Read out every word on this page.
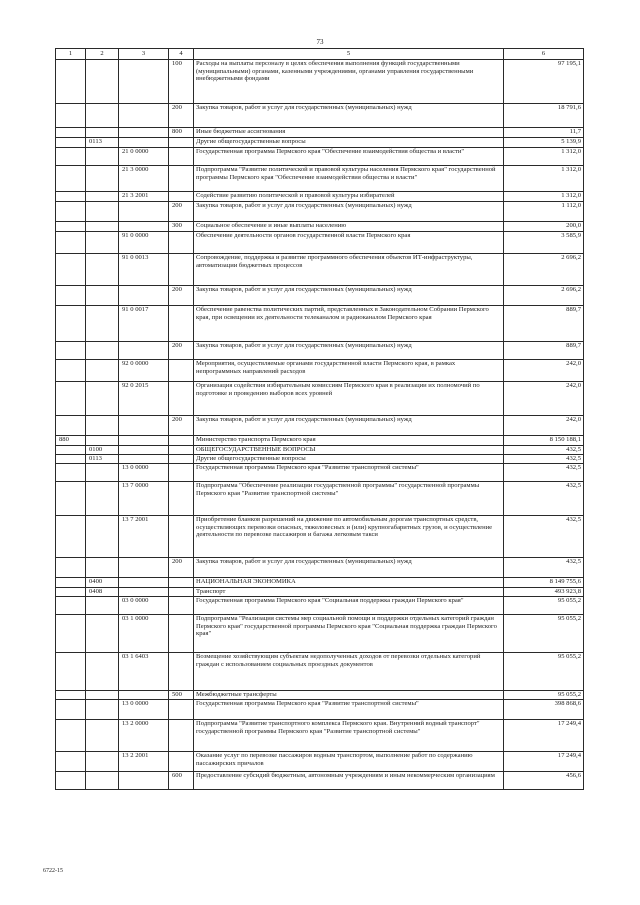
73
1	2	3	4	5	6
			100	Расходы на выплаты персоналу в целях обеспечения выполнения функций государственными (муниципальными) органами, казенными учреждениями, органами управления государственными внебюджетными фондами	97 195,1
			200	Закупка товаров, работ и услуг для государственных (муниципальных) нужд	18 791,6
			800	Иные бюджетные ассигнования	11,7
	0113			Другие общегосударственные вопросы	5 139,9
		21 0 0000		Государственная программа Пермского края "Обеспечение взаимодействия общества и власти"	1 312,0
		21 3 0000		Подпрограмма "Развитие политической и правовой культуры населения Пермского края" государственной программы Пермского края "Обеспечение взаимодействия общества и власти"	1 312,0
		21 3 2001		Содействие развитию политической и правовой культуры избирателей	1 312,0
			200	Закупка товаров, работ и услуг для государственных (муниципальных) нужд	1 112,0
			300	Социальное обеспечение и иные выплаты населению	200,0
		91 0 0000		Обеспечение деятельности органов государственной власти Пермского края	3 585,9
		91 0 0013		Сопровождение, поддержка и развитие программного обеспечения объектов ИТ-инфраструктуры, автоматизации бюджетных процессов	2 696,2
			200	Закупка товаров, работ и услуг для государственных (муниципальных) нужд	2 696,2
		91 0 0017		Обеспечение равенства политических партий, представленных в Законодательном Собрании Пермского края, при освещении их деятельности телеканалом и радиоканалом Пермского края	889,7
			200	Закупка товаров, работ и услуг для государственных (муниципальных) нужд	889,7
		92 0 0000		Мероприятия, осуществляемые органами государственной власти Пермского края, в рамках непрограммных направлений расходов	242,0
		92 0 2015		Организация содействия избирательным комиссиям Пермского края в реализации их полномочий по подготовке и проведению выборов всех уровней	242,0
			200	Закупка товаров, работ и услуг для государственных (муниципальных) нужд	242,0
880				Министерство транспорта Пермского края	8 150 188,1
	0100			ОБЩЕГОСУДАРСТВЕННЫЕ ВОПРОСЫ	432,5
	0113			Другие общегосударственные вопросы	432,5
		13 0 0000		Государственная программа Пермского края "Развитие транспортной системы"	432,5
		13 7 0000		Подпрограмма "Обеспечение реализации государственной программы" государственной программы Пермского края "Развитие транспортной системы"	432,5
		13 7 2001		Приобретение бланков разрешений на движение по автомобильным дорогам транспортных средств, осуществляющих перевозки опасных, тяжеловесных и (или) крупногабаритных грузов, и осуществление деятельности по перевозке пассажиров и багажа легковым такси	432,5
			200	Закупка товаров, работ и услуг для государственных (муниципальных) нужд	432,5
	0400			НАЦИОНАЛЬНАЯ ЭКОНОМИКА	8 149 755,6
	0408			Транспорт	493 923,8
		03 0 0000		Государственная программа Пермского края "Социальная поддержка граждан Пермского края"	95 055,2
		03 1 0000		Подпрограмма "Реализация системы мер социальной помощи и поддержки отдельных категорий граждан Пермского края" государственной программы Пермского края "Социальная поддержка граждан Пермского края"	95 055,2
		03 1 6403		Возмещение хозяйствующим субъектам недополученных доходов от перевозки отдельных категорий граждан с использованием социальных проездных документов	95 055,2
			500	Межбюджетные трансферты	95 055,2
		13 0 0000		Государственная программа Пермского края "Развитие транспортной системы"	398 868,6
		13 2 0000		Подпрограмма "Развитие транспортного комплекса Пермского края. Внутренний водный транспорт" государственной программы Пермского края "Развитие транспортной системы"	17 249,4
		13 2 2001		Оказание услуг по перевозке пассажиров водным транспортом, выполнение работ по содержанию пассажирских причалов	17 249,4
			600	Предоставление субсидий бюджетным, автономным учреждениям и иным некоммерческим организациям	456,6
6722-15
